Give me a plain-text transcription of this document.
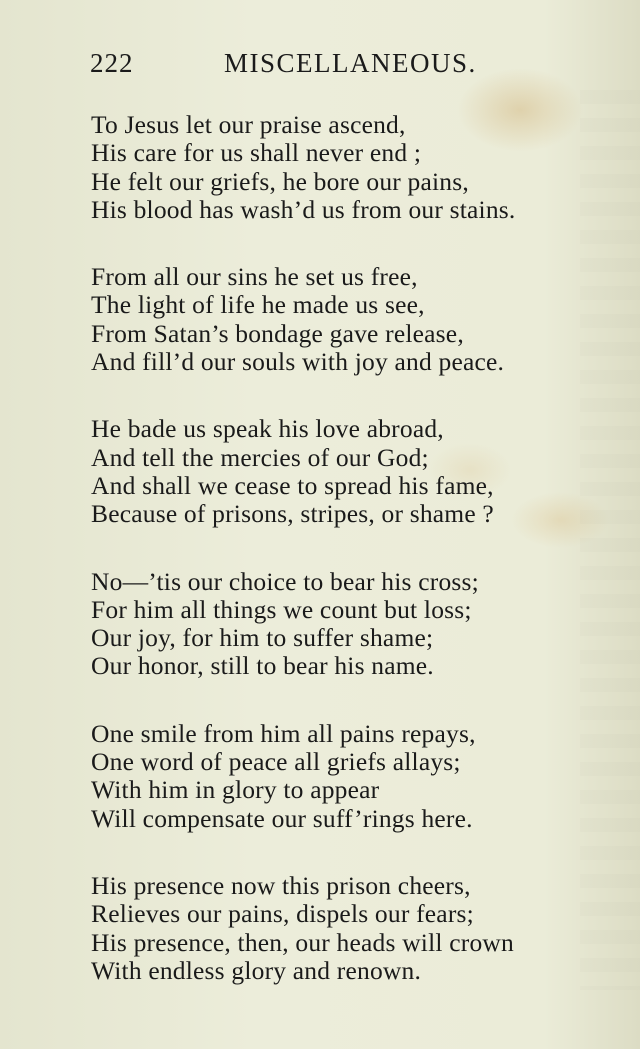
222	MISCELLANEOUS.
To Jesus let our praise ascend,
His care for us shall never end ;
He felt our griefs, he bore our pains,
His blood has wash’d us from our stains.
From all our sins he set us free,
The light of life he made us see,
From Satan’s bondage gave release,
And fill’d our souls with joy and peace.
He bade us speak his love abroad,
And tell the mercies of our God;
And shall we cease to spread his fame,
Because of prisons, stripes, or shame ?
No—’tis our choice to bear his cross;
For him all things we count but loss;
Our joy, for him to suffer shame;
Our honor, still to bear his name.
One smile from him all pains repays,
One word of peace all griefs allays;
With him in glory to appear
Will compensate our suff’rings here.
His presence now this prison cheers,
Relieves our pains, dispels our fears;
His presence, then, our heads will crown
With endless glory and renown.
